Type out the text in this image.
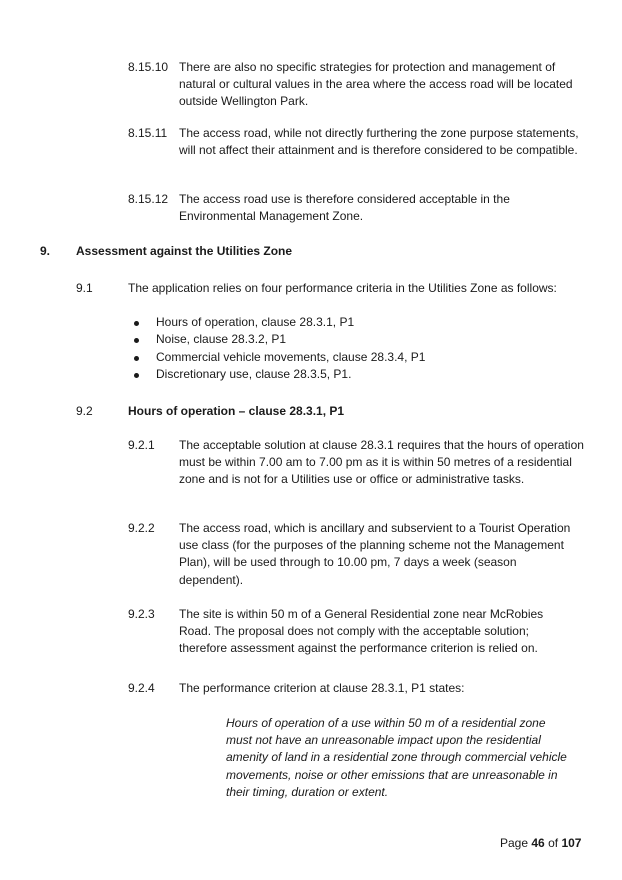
8.15.10 There are also no specific strategies for protection and management of natural or cultural values in the area where the access road will be located outside Wellington Park.
8.15.11 The access road, while not directly furthering the zone purpose statements, will not affect their attainment and is therefore considered to be compatible.
8.15.12 The access road use is therefore considered acceptable in the Environmental Management Zone.
9. Assessment against the Utilities Zone
9.1	The application relies on four performance criteria in the Utilities Zone as follows:
Hours of operation, clause 28.3.1, P1
Noise, clause 28.3.2, P1
Commercial vehicle movements, clause 28.3.4, P1
Discretionary use, clause 28.3.5, P1.
9.2	Hours of operation – clause 28.3.1, P1
9.2.1 The acceptable solution at clause 28.3.1 requires that the hours of operation must be within 7.00 am to 7.00 pm as it is within 50 metres of a residential zone and is not for a Utilities use or office or administrative tasks.
9.2.2 The access road, which is ancillary and subservient to a Tourist Operation use class (for the purposes of the planning scheme not the Management Plan), will be used through to 10.00 pm, 7 days a week (season dependent).
9.2.3 The site is within 50 m of a General Residential zone near McRobies Road. The proposal does not comply with the acceptable solution; therefore assessment against the performance criterion is relied on.
9.2.4 The performance criterion at clause 28.3.1, P1 states:
Hours of operation of a use within 50 m of a residential zone must not have an unreasonable impact upon the residential amenity of land in a residential zone through commercial vehicle movements, noise or other emissions that are unreasonable in their timing, duration or extent.
Page 46 of 107
